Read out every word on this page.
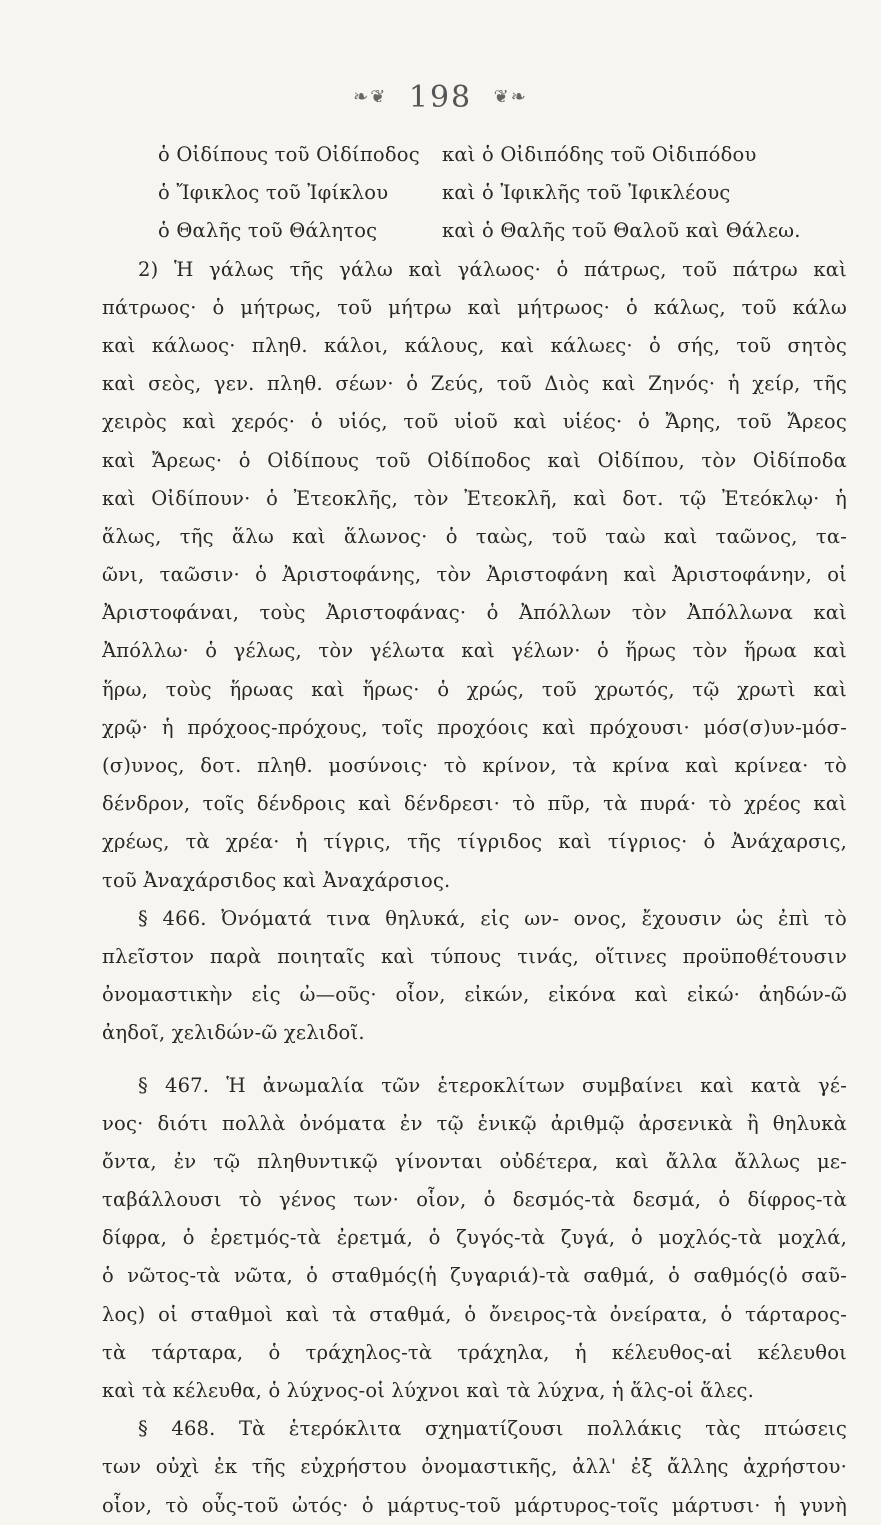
❧❦ 198 ❦❧
ὁ Οἰδίπους τοῦ Οἰδίποδος	καὶ ὁ Οἰδιπόδης τοῦ Οἰδιπόδου
ὁ Ἴφικλος τοῦ Ἰφίκλου	καὶ ὁ Ἰφικλῆς τοῦ Ἰφικλέους
ὁ Θαλῆς τοῦ Θάλητος	καὶ ὁ Θαλῆς τοῦ Θαλοῦ καὶ Θάλεω.
2) Ἡ γάλως τῆς γάλω καὶ γάλωος· ὁ πάτρως, τοῦ πάτρω καὶ
πάτρωος· ὁ μήτρως, τοῦ μήτρω καὶ μήτρωος· ὁ κάλως, τοῦ κάλω
καὶ κάλωος· πληθ. κάλοι, κάλους, καὶ κάλωες· ὁ σής, τοῦ σητὸς
καὶ σεὸς, γεν. πληθ. σέων· ὁ Ζεύς, τοῦ Διὸς καὶ Ζηνός· ἡ χείρ, τῆς
χειρὸς καὶ χερός· ὁ υἱός, τοῦ υἱοῦ καὶ υἱέος· ὁ Ἄρης, τοῦ Ἄρεος
καὶ Ἄρεως· ὁ Οἰδίπους τοῦ Οἰδίποδος καὶ Οἰδίπου, τὸν Οἰδίποδα
καὶ Οἰδίπουν· ὁ Ἐτεοκλῆς, τὸν Ἐτεοκλῆ, καὶ δοτ. τῷ Ἐτεόκλῳ· ἡ
ἅλως, τῆς ἅλω καὶ ἅλωνος· ὁ ταὼς, τοῦ ταὼ καὶ ταῶνος, τα-
ῶνι, ταῶσιν· ὁ Ἀριστοφάνης, τὸν Ἀριστοφάνη καὶ Ἀριστοφάνην, οἱ
Ἀριστοφάναι, τοὺς Ἀριστοφάνας· ὁ Ἀπόλλων τὸν Ἀπόλλωνα καὶ
Ἀπόλλω· ὁ γέλως, τὸν γέλωτα καὶ γέλων· ὁ ἥρως τὸν ἥρωα καὶ
ἥρω, τοὺς ἥρωας καὶ ἥρως· ὁ χρώς, τοῦ χρωτός, τῷ χρωτὶ καὶ
χρῷ· ἡ πρόχοος-πρόχους, τοῖς προχόοις καὶ πρόχουσι· μόσ(σ)υν-μόσ-
(σ)υνος, δοτ. πληθ. μοσύνοις· τὸ κρίνον, τὰ κρίνα καὶ κρίνεα· τὸ
δένδρον, τοῖς δένδροις καὶ δένδρεσι· τὸ πῦρ, τὰ πυρά· τὸ χρέος καὶ
χρέως, τὰ χρέα· ἡ τίγρις, τῆς τίγριδος καὶ τίγριος· ὁ Ἀνάχαρσις,
τοῦ Ἀναχάρσιδος καὶ Ἀναχάρσιος.
§ 466. Ὀνόματά τινα θηλυκά, εἰς ων- ονος, ἔχουσιν ὡς ἐπὶ τὸ
πλεῖστον παρὰ ποιηταῖς καὶ τύπους τινάς, οἵτινες προϋποθέτουσιν
ὀνομαστικὴν εἰς ὠ—οῦς· οἷον, εἰκών, εἰκόνα καὶ εἰκώ· ἀηδών-ῶ
ἀηδοῖ, χελιδών-ῶ χελιδοῖ.
§ 467. Ἡ ἀνωμαλία τῶν ἑτεροκλίτων συμβαίνει καὶ κατὰ γέ-
νος· διότι πολλὰ ὀνόματα ἐν τῷ ἑνικῷ ἀριθμῷ ἀρσενικὰ ἢ θηλυκὰ
ὄντα, ἐν τῷ πληθυντικῷ γίνονται οὐδέτερα, καὶ ἄλλα ἄλλως με-
ταβάλλουσι τὸ γένος των· οἷον, ὁ δεσμός-τὰ δεσμά, ὁ δίφρος-τὰ
δίφρα, ὁ ἐρετμός-τὰ ἐρετμά, ὁ ζυγός-τὰ ζυγά, ὁ μοχλός-τὰ μοχλά,
ὁ νῶτος-τὰ νῶτα, ὁ σταθμός(ἡ ζυγαριά)-τὰ σαθμά, ὁ σαθμός(ὁ σαῦ-
λος) οἱ σταθμοὶ καὶ τὰ σταθμά, ὁ ὄνειρος-τὰ ὀνείρατα, ὁ τάρταρος-
τὰ τάρταρα, ὁ τράχηλος-τὰ τράχηλα, ἡ κέλευθος-αἱ κέλευθοι
καὶ τὰ κέλευθα, ὁ λύχνος-οἱ λύχνοι καὶ τὰ λύχνα, ἡ ἅλς-οἱ ἅλες.
§ 468. Τὰ ἑτερόκλιτα σχηματίζουσι πολλάκις τὰς πτώσεις
των οὐχὶ ἐκ τῆς εὐχρήστου ὀνομαστικῆς, ἀλλ' ἐξ ἄλλης ἀχρήστου·
οἷον, τὸ οὖς-τοῦ ὠτός· ὁ μάρτυς-τοῦ μάρτυρος-τοῖς μάρτυσι· ἡ γυνὴ
